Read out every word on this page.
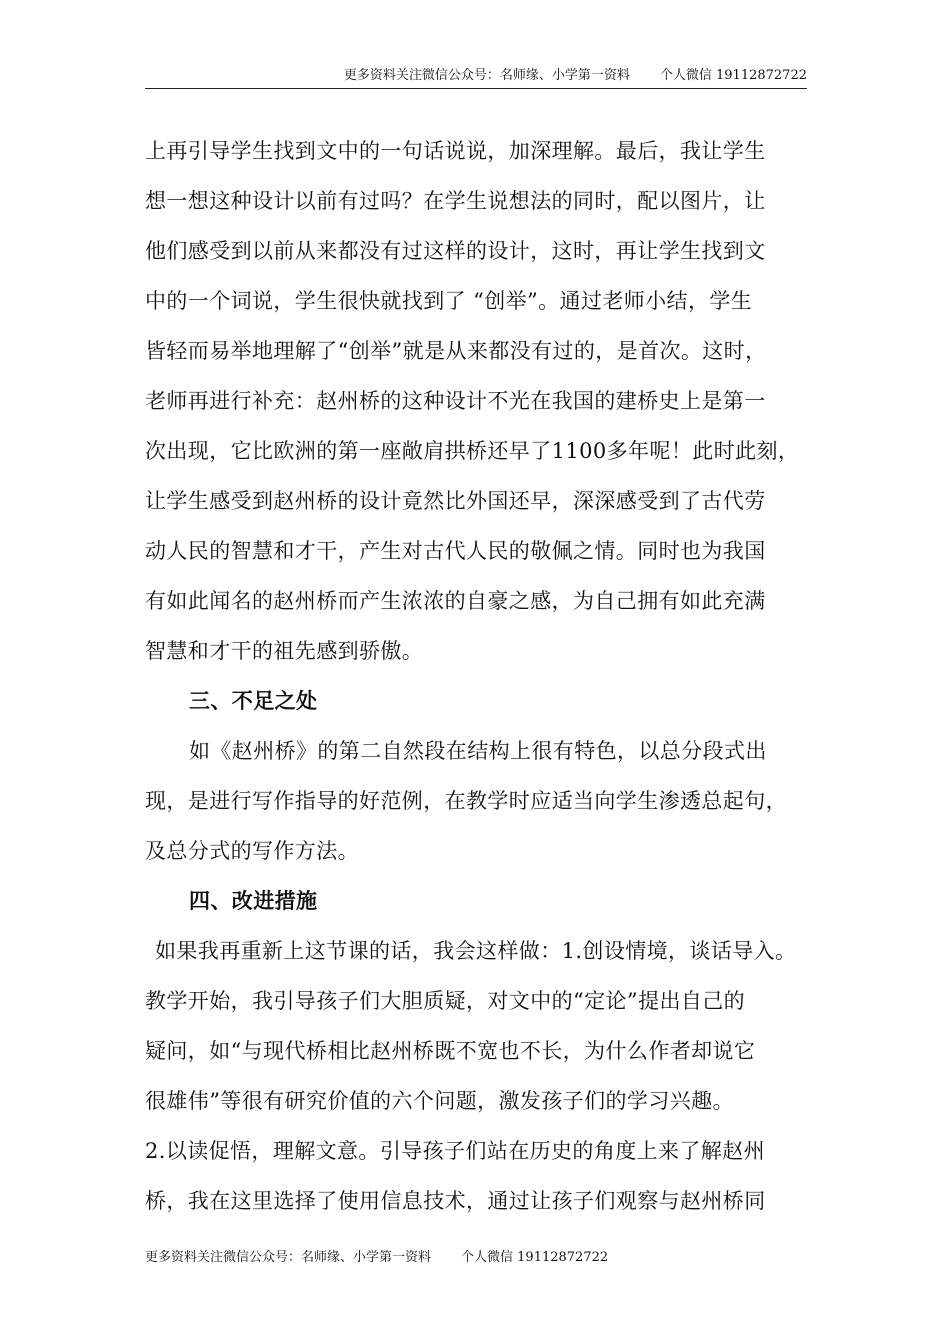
更多资料关注微信公众号：名师缘、小学第一资料 个人微信 19112872722
上再引导学生找到文中的一句话说说，加深理解。最后，我让学生
想一想这种设计以前有过吗？在学生说想法的同时，配以图片，让
他们感受到以前从来都没有过这样的设计，这时，再让学生找到文
中的一个词说，学生很快就找到了 “创举”。通过老师小结，学生
皆轻而易举地理解了“创举”就是从来都没有过的，是首次。这时，
老师再进行补充：赵州桥的这种设计不光在我国的建桥史上是第一
次出现，它比欧洲的第一座敞肩拱桥还早了1100多年呢！此时此刻，
让学生感受到赵州桥的设计竟然比外国还早，深深感受到了古代劳
动人民的智慧和才干，产生对古代人民的敬佩之情。同时也为我国
有如此闻名的赵州桥而产生浓浓的自豪之感，为自己拥有如此充满
智慧和才干的祖先感到骄傲。
三、不足之处
如《赵州桥》的第二自然段在结构上很有特色，以总分段式出
现，是进行写作指导的好范例，在教学时应适当向学生渗透总起句，
及总分式的写作方法。
四、改进措施
如果我再重新上这节课的话，我会这样做：1.创设情境，谈话导入。
教学开始，我引导孩子们大胆质疑，对文中的“定论”提出自己的
疑问，如“与现代桥相比赵州桥既不宽也不长，为什么作者却说它
很雄伟”等很有研究价值的六个问题，激发孩子们的学习兴趣。
2.以读促悟，理解文意。引导孩子们站在历史的角度上来了解赵州
桥，我在这里选择了使用信息技术，通过让孩子们观察与赵州桥同
更多资料关注微信公众号：名师缘、小学第一资料 个人微信 19112872722
